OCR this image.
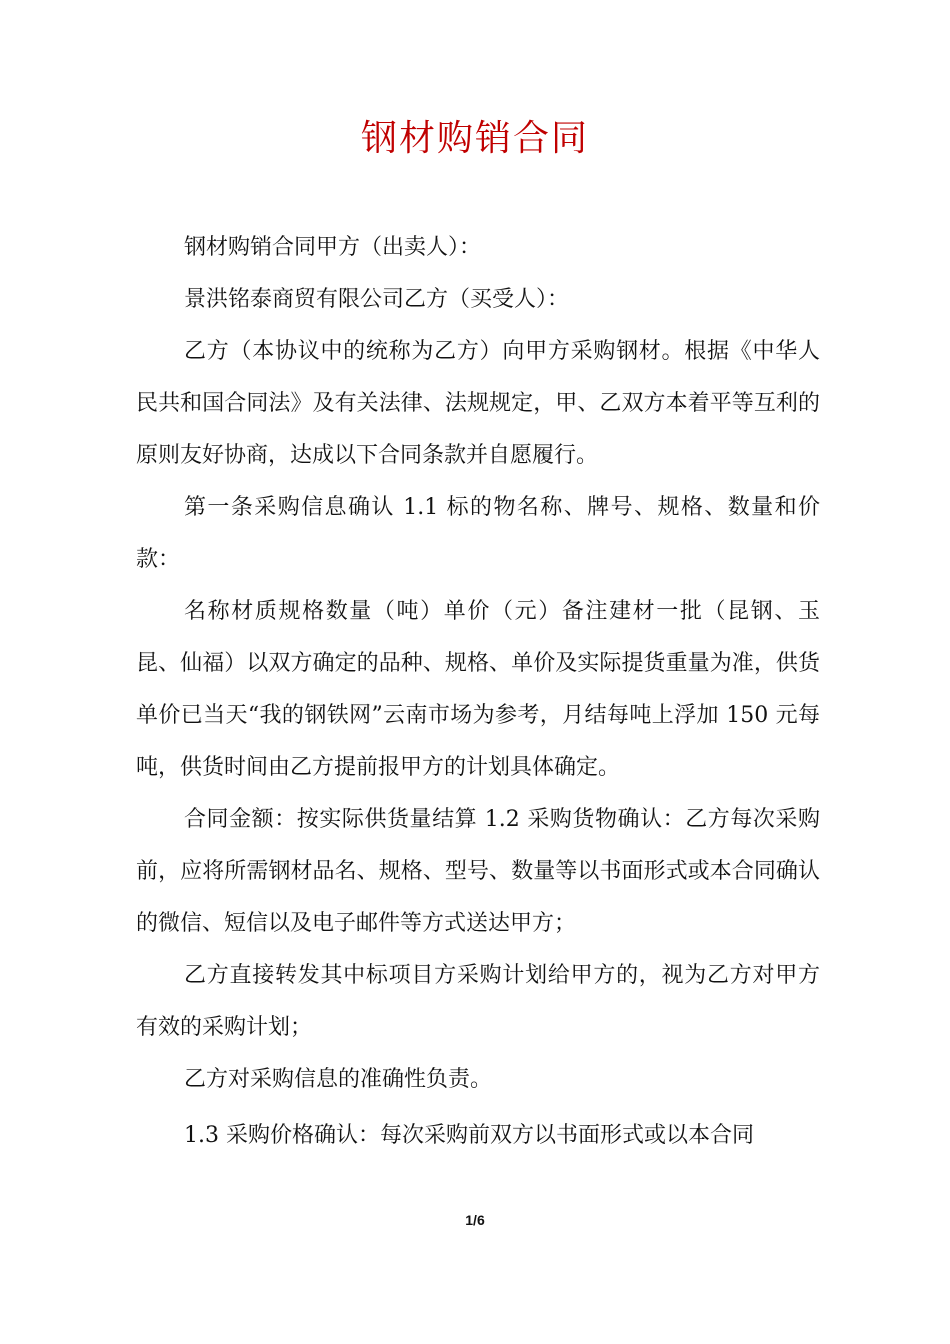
钢材购销合同

钢材购销合同甲方（出卖人）：

景洪铭泰商贸有限公司乙方（买受人）：

乙方（本协议中的统称为乙方）向甲方采购钢材。根据《中华人民共和国合同法》及有关法律、法规规定，甲、乙双方本着平等互利的原则友好协商，达成以下合同条款并自愿履行。

第一条采购信息确认 1.1 标的物名称、牌号、规格、数量和价款：

名称材质规格数量（吨）单价（元）备注建材一批（昆钢、玉昆、仙福）以双方确定的品种、规格、单价及实际提货重量为准，供货单价已当天“我的钢铁网”云南市场为参考，月结每吨上浮加 150 元每吨，供货时间由乙方提前报甲方的计划具体确定。

合同金额：按实际供货量结算 1.2 采购货物确认：乙方每次采购前，应将所需钢材品名、规格、型号、数量等以书面形式或本合同确认的微信、短信以及电子邮件等方式送达甲方；

乙方直接转发其中标项目方采购计划给甲方的，视为乙方对甲方有效的采购计划；

乙方对采购信息的准确性负责。

1.3 采购价格确认：每次采购前双方以书面形式或以本合同

1/6
